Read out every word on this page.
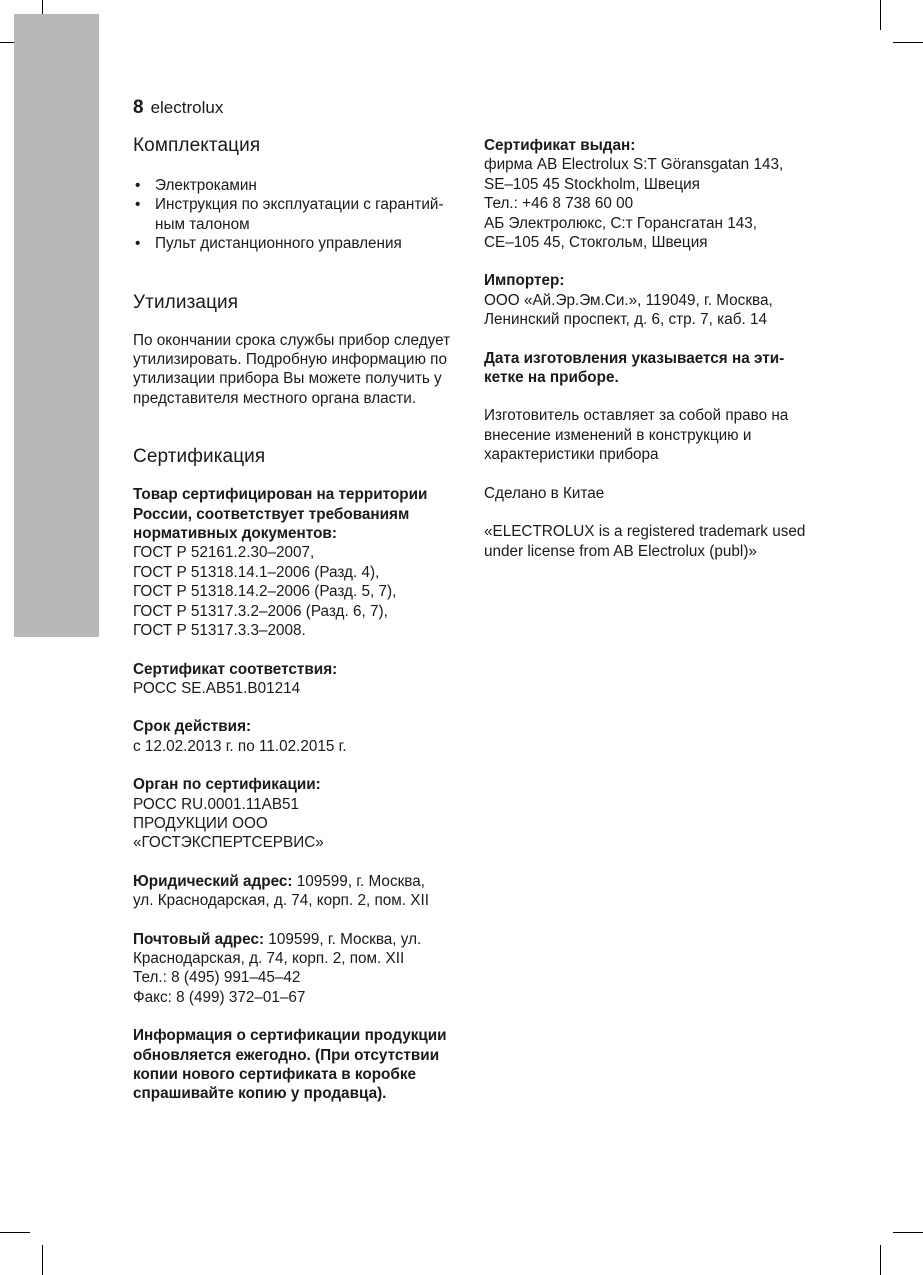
8 electrolux
Комплектация
• Электрокамин
• Инструкция по эксплуатации с гарантий-ным талоном
• Пульт дистанционного управления
Утилизация

По окончании срока службы прибор следует утилизировать. Подробную информацию по утилизации прибора Вы можете получить у представителя местного органа власти.

Сертификация

Товар сертифицирован на территории России, соответствует требованиям нормативных документов:

ГОСТ Р 52161.2.30–2007,

ГОСТ Р 51318.14.1–2006 (Разд. 4),

ГОСТ Р 51318.14.2–2006 (Разд. 5, 7),

ГОСТ Р 51317.3.2–2006 (Разд. 6, 7),

ГОСТ Р 51317.3.3–2008.

Сертификат соответствия:

РОСС SE.AB51.B01214

Срок действия:

с 12.02.2013 г. по 11.02.2015 г.

Орган по сертификации:

РОСС RU.0001.11АВ51

ПРОДУКЦИИ ООО

«ГОСТЭКСПЕРТСЕРВИС»

Юридический адрес: 109599, г. Москва,

ул. Краснодарская, д. 74, корп. 2, пом. XII

Почтовый адрес: 109599, г. Москва, ул.

Краснодарская, д. 74, корп. 2, пом. XII

Тел.: 8 (495) 991–45–42

Факс: 8 (499) 372–01–67

Информация о сертификации продукции обновляется ежегодно. (При отсутствии копии нового сертификата в коробке спрашивайте копию у продавца).

Сертификат выдан:

фирма AB Electrolux S:T Göransgatan 143,

SE–105 45 Stockholm, Швеция

Тел.: +46 8 738 60 00

АБ Электролюкс, С:т Горансгатан 143,

СЕ–105 45, Стокгольм, Швеция

Импортер:

ООО «Ай.Эр.Эм.Си.», 119049, г. Москва,

Ленинский проспект, д. 6, стр. 7, каб. 14

Дата изготовления указывается на эти-кетке на приборе.

Изготовитель оставляет за собой право на внесение изменений в конструкцию и характеристики прибора

Сделано в Китае

«ELECTROLUX is a registered trademark used under license from AB Electrolux (publ)»
